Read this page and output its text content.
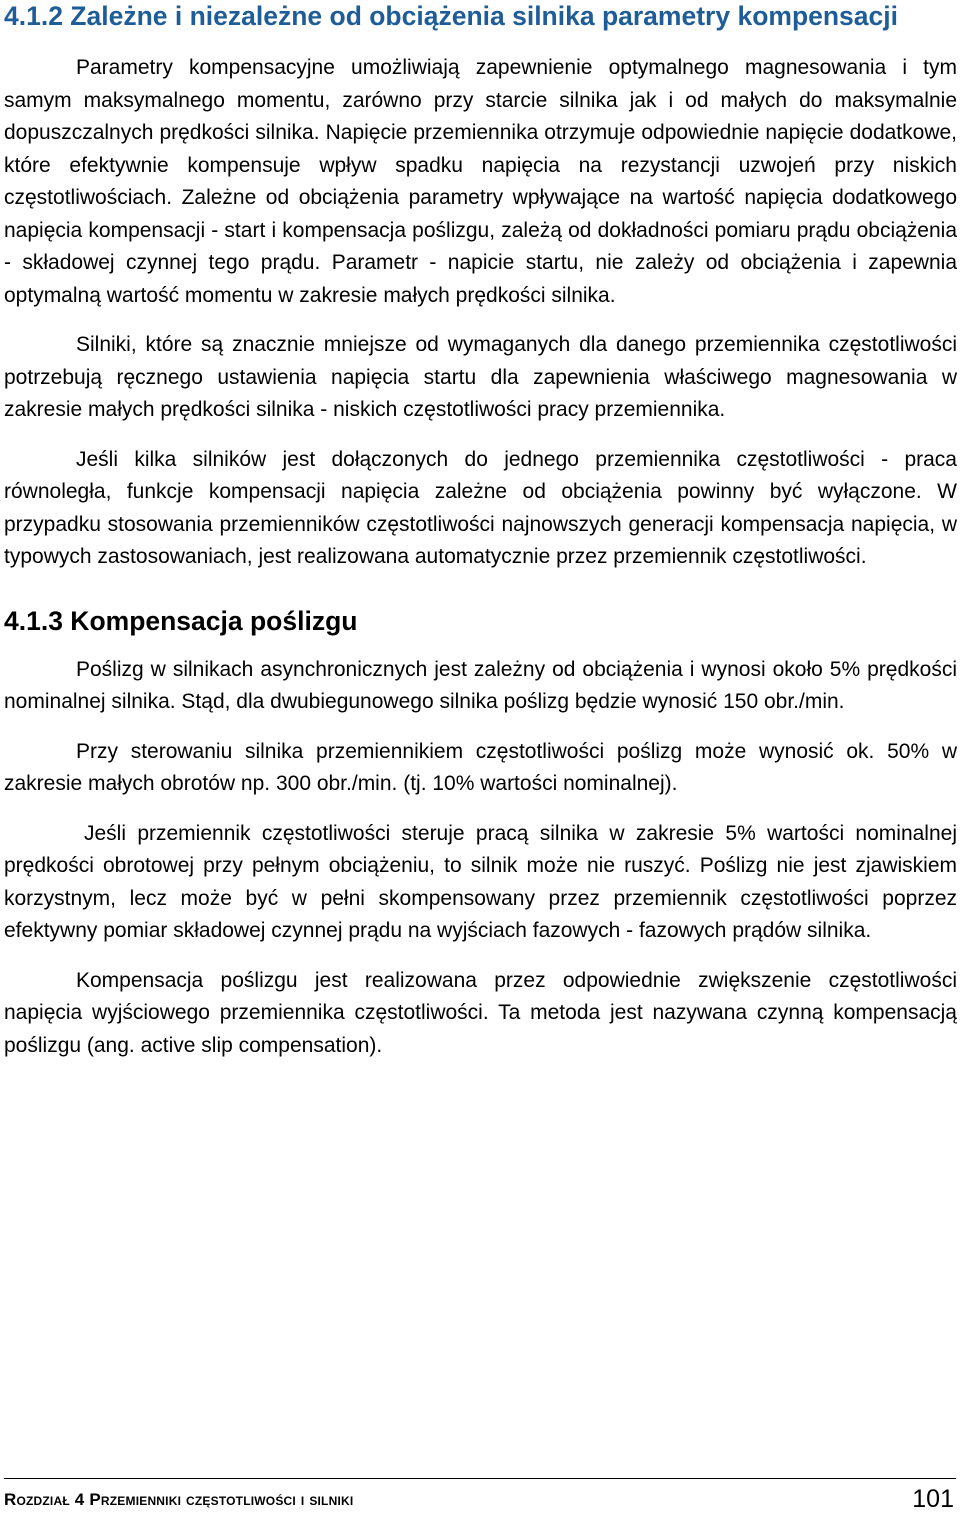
4.1.2 Zależne i niezależne od obciążenia silnika parametry kompensacji

Parametry kompensacyjne umożliwiają zapewnienie optymalnego magnesowania i tym samym maksymalnego momentu, zarówno przy starcie silnika jak i od małych do maksymalnie dopuszczalnych prędkości silnika. Napięcie przemiennika otrzymuje odpowiednie napięcie dodatkowe, które efektywnie kompensuje wpływ spadku napięcia na rezystancji uzwojeń przy niskich częstotliwościach. Zależne od obciążenia parametry wpływające na wartość napięcia dodatkowego napięcia kompensacji - start i kompensacja poślizgu, zależą od dokładności pomiaru prądu obciążenia - składowej czynnej tego prądu. Parametr - napicie startu, nie zależy od obciążenia i zapewnia optymalną wartość momentu w zakresie małych prędkości silnika.

Silniki, które są znacznie mniejsze od wymaganych dla danego przemiennika częstotliwości potrzebują ręcznego ustawienia napięcia startu dla zapewnienia właściwego magnesowania w zakresie małych prędkości silnika - niskich częstotliwości pracy przemiennika.

Jeśli kilka silników jest dołączonych do jednego przemiennika częstotliwości - praca równoległa, funkcje kompensacji napięcia zależne od obciążenia powinny być wyłączone. W przypadku stosowania przemienników częstotliwości najnowszych generacji kompensacja napięcia, w typowych zastosowaniach, jest realizowana automatycznie przez przemiennik częstotliwości.

4.1.3 Kompensacja poślizgu

Poślizg w silnikach asynchronicznych jest zależny od obciążenia i wynosi około 5% prędkości nominalnej silnika. Stąd, dla dwubiegunowego silnika poślizg będzie wynosić 150 obr./min.

Przy sterowaniu silnika przemiennikiem częstotliwości poślizg może wynosić ok. 50% w zakresie małych obrotów np. 300 obr./min. (tj. 10% wartości nominalnej).

Jeśli przemiennik częstotliwości steruje pracą silnika w zakresie 5% wartości nominalnej prędkości obrotowej przy pełnym obciążeniu, to silnik może nie ruszyć. Poślizg nie jest zjawiskiem korzystnym, lecz może być w pełni skompensowany przez przemiennik częstotliwości poprzez efektywny pomiar składowej czynnej prądu na wyjściach fazowych - fazowych prądów silnika.

Kompensacja poślizgu jest realizowana przez odpowiednie zwiększenie częstotliwości napięcia wyjściowego przemiennika częstotliwości. Ta metoda jest nazywana czynną kompensacją poślizgu (ang. active slip compensation).

Rozdział 4 Przemienniki częstotliwości i silniki	101
